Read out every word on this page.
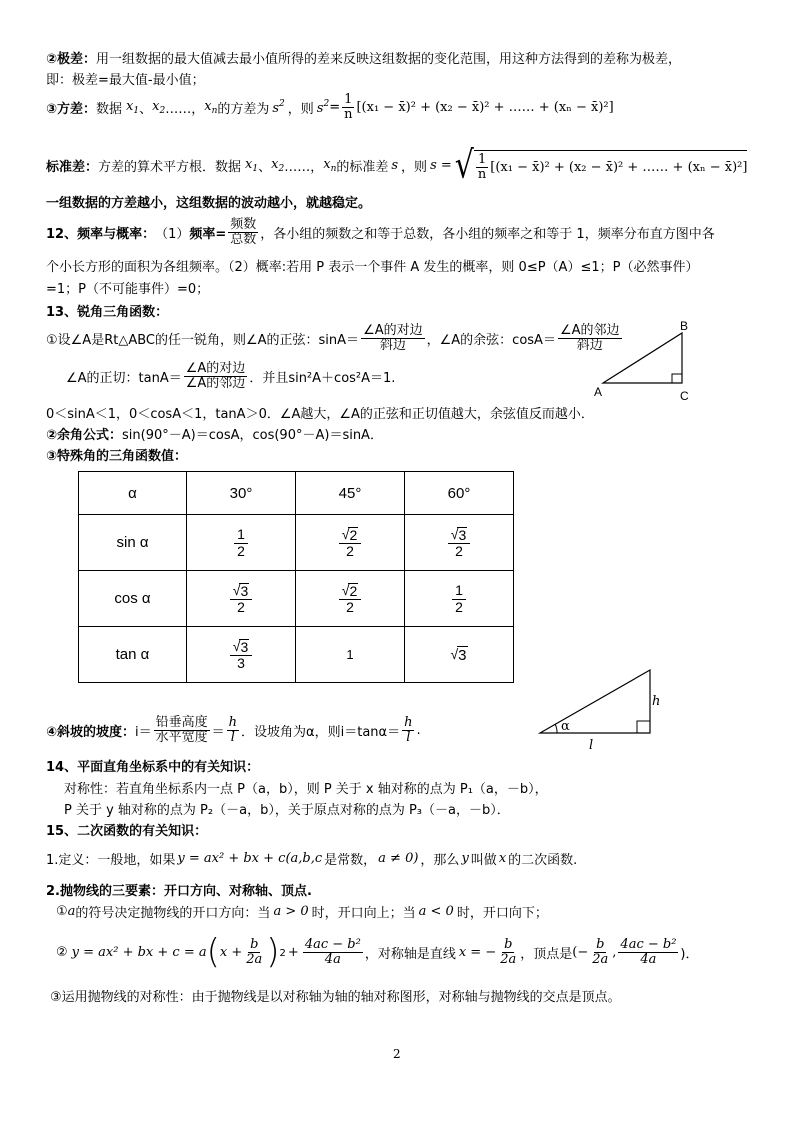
②极差：用一组数据的最大值减去最小值所得的差来反映这组数据的变化范围，用这种方法得到的差称为极差，
即：极差=最大值-最小值；
③方差： 数据 $x_1$ 、 $x_2$ ……， $x_n$ 的方差为 $s^2$ ，则 $s^2 = \frac{1}{n} [(x_1$ − x̄)² + (x₂ − x̄)² + …… + (xₙ − x̄)²]
标准差： 方差的算术平方根．数据 $x_1$ 、 $x_2$ ……， $x_n$ 的标准差 s ，则 s = √ $\frac{1}{n} [(x_1$ − x̄)² + (x₂ − x̄)² + …… + (xₙ − x̄)²]
一组数据的方差越小，这组数据的波动越小，就越稳定。
12、频率与概率： （1） 频率= $\frac{\text{频数}}{\text{总数}}$ ，各小组的频数之和等于总数，各小组的频率之和等于 1，频率分布直方图中各
个小长方形的面积为各组频率。（2）概率:若用 P 表示一个事件 A 发生的概率，则 0≤P（A）≤1；P（必然事件）
=1；P（不可能事件）=0；
13、锐角三角函数：
①设∠A是Rt△ABC的任一锐角，则∠A的正弦：$\sin A= \frac{\text{∠A的对边}}{\text{斜边}}$ ，∠A的余弦：$\cos A= \frac{\text{∠A的邻边}}{\text{斜边}}$
∠A的正切：$\tan A= \frac{\text{∠A的对边}}{\text{∠A的邻边}}$ ．并且sin²A＋cos²A＝1.
B
A	C
0＜sinA＜1，0＜cosA＜1，tanA＞0．∠A越大，∠A的正弦和正切值越大，余弦值反而越小．
②余角公式：sin(90°－A)＝cosA，cos(90°－A)＝sinA．
③特殊角的三角函数值：
α	30°	45°	60°
sin α	$\frac{1}{2}$	$\frac{√ 2}{2}$	$\frac{√ 3}{2}$

cos α	$\frac{√ 3}{2}$	$\frac{√ 2}{2}$	$\frac{1}{2}$

tan α	$\frac{√ 3}{3}$	1	√ 3
④斜坡的坡度： $i= \frac{\text{铅垂高度}}{\text{水平宽度}} = \frac{h}{l}$ ．设坡角为α，则$i=\tan\alpha= \frac{h}{l}$ .	α
h
l
14、平面直角坐标系中的有关知识：
对称性：若直角坐标系内一点 P（a，b），则 P 关于 x 轴对称的点为 P₁（a，－b），
P 关于 y 轴对称的点为 P₂（－a，b），关于原点对称的点为 P₃（－a，－b）．
15、二次函数的有关知识：
1.定义：一般地，如果 y = ax² + bx + c(a,b,c 是常数， a ≠ 0) ，那么 y 叫做 x 的二次函数.
2.抛物线的三要素：开口方向、对称轴、顶点.
① a 的符号决定抛物线的开口方向：当 a > 0 时，开口向上；当 a < 0 时，开口向下；
② y = ax² + bx + c = a ( $x + \frac{b}{2a}$ ) $2 + \frac{\text{4ac − b²}}{4a}$ ，对称轴是直线 x = − $\frac{b}{2a}$ ，顶点是 ( − $\frac{b}{2a}$ , $\frac{\text{4ac − b²}}{4a}$ )．
③运用抛物线的对称性：由于抛物线是以对称轴为轴的轴对称图形，对称轴与抛物线的交点是顶点。
2
